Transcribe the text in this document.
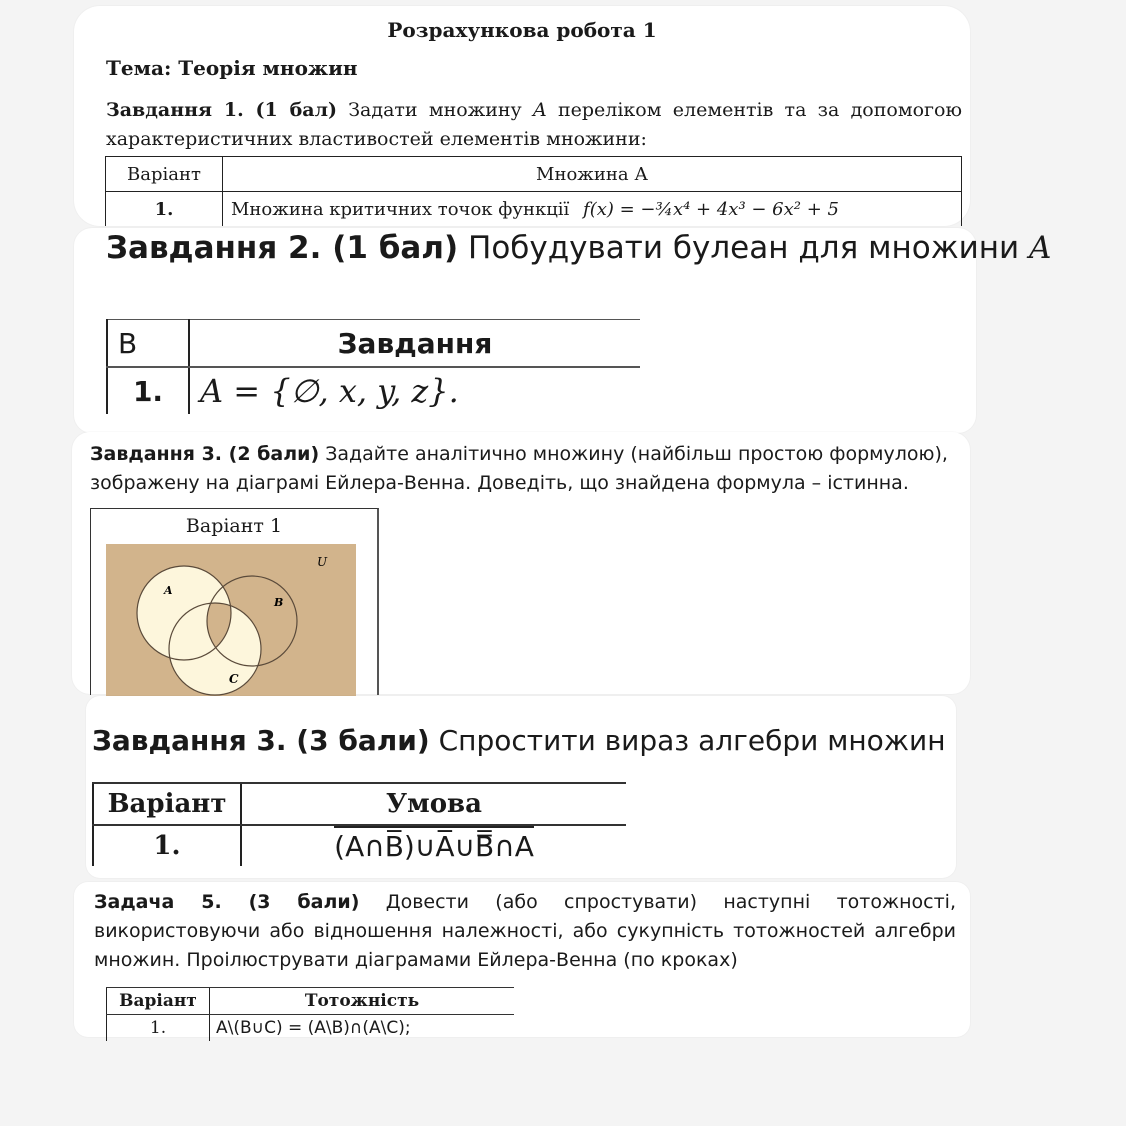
Розрахункова робота 1
Тема: Теорія множин
Завдання 1. (1 бал) Задати множину A переліком елементів та за допомогою характеристичних властивостей елементів множини:
Варіант	Множина А
1.	Множина критичних точок функції f(x) = −¾x⁴ + 4x³ − 6x² + 5
Завдання 2. (1 бал) Побудувати булеан для множини A
В	Завдання
1.	A = {∅, x, y, z}.
Завдання 3. (2 бали) Задайте аналітично множину (найбільш простою формулою), зображену на діаграмі Ейлера-Венна. Доведіть, що знайдена формула – істинна.
Варіант 1
A
B
C
U
Завдання 3. (3 бали) Спростити вираз алгебри множин
Варіант	Умова
1.	(A∩B̅)∪A̅∪B̿∩A
Задача 5. (3 бали) Довести (або спростувати) наступні тотожності, використовуючи або відношення належності, або сукупність тотожностей алгебри множин. Проілюструвати діаграмами Ейлера-Венна (по кроках)
Варіант	Тотожність
1.	A\(B∪C) = (A\B)∩(A\C);
